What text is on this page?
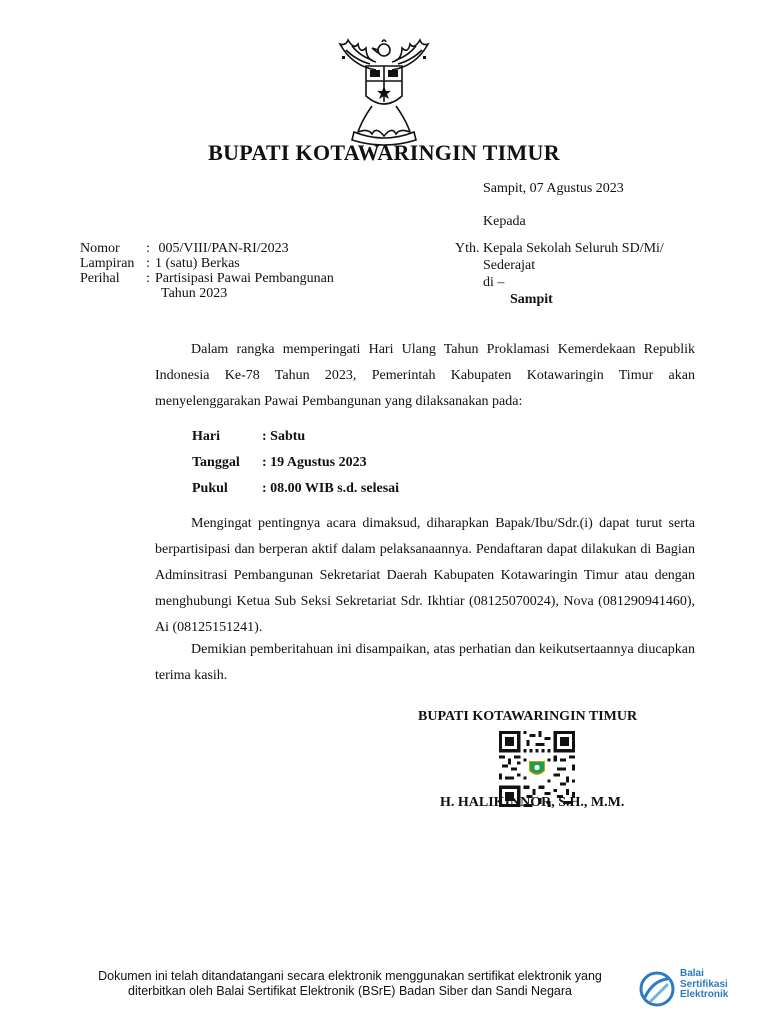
BUPATI KOTAWARINGIN TIMUR
Sampit, 07 Agustus 2023
Kepada
Yth. Kepala Sekolah Seluruh SD/Mi/
Sederajat
di –
Sampit
Nomor	:	005/VIII/PAN-RI/2023
Lampiran	:	1 (satu) Berkas
Perihal	:	Partisipasi Pawai Pembangunan
		Tahun 2023

Dalam rangka memperingati Hari Ulang Tahun Proklamasi Kemerdekaan Republik Indonesia Ke-78 Tahun 2023, Pemerintah Kabupaten Kotawaringin Timur akan menyelenggarakan Pawai Pembangunan yang dilaksanakan pada:

Hari	: Sabtu
Tanggal	: 19 Agustus 2023
Pukul	: 08.00 WIB s.d. selesai

Mengingat pentingnya acara dimaksud, diharapkan Bapak/Ibu/Sdr.(i) dapat turut serta berpartisipasi dan berperan aktif dalam pelaksanaannya. Pendaftaran dapat dilakukan di Bagian Adminsitrasi Pembangunan Sekretariat Daerah Kabupaten Kotawaringin Timur atau dengan menghubungi Ketua Sub Seksi Sekretariat Sdr. Ikhtiar (08125070024), Nova (081290941460), Ai (08125151241).

Demikian pemberitahuan ini disampaikan, atas perhatian dan keikutsertaannya diucapkan terima kasih.

BUPATI KOTAWARINGIN TIMUR
H. HALIKINNOR, S.H., M.M.
Dokumen ini telah ditandatangani secara elektronik menggunakan sertifikat elektronik yang
diterbitkan oleh Balai Sertifikat Elektronik (BSrE) Badan Siber dan Sandi Negara
Balai
Sertifikasi
Elektronik
